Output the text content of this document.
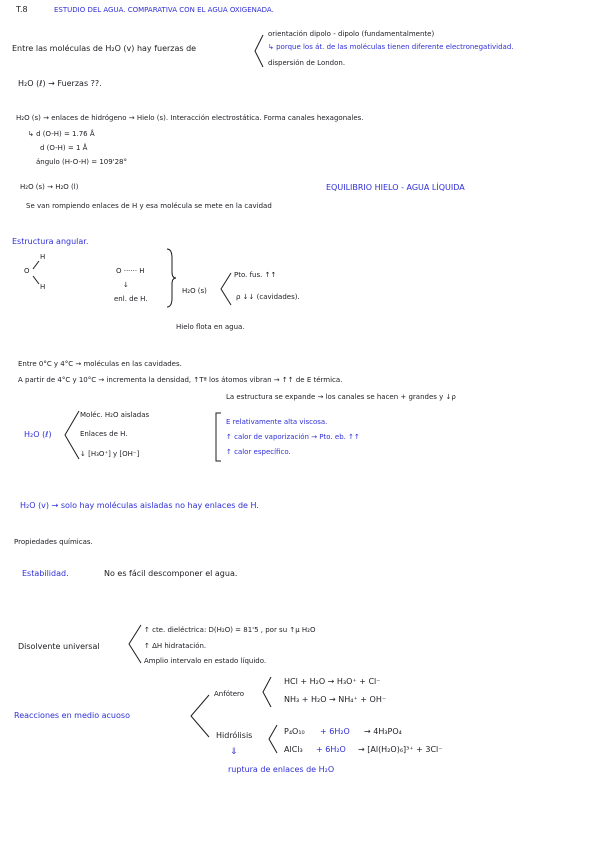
T.8	ESTUDIO DEL AGUA. COMPARATIVA CON EL AGUA OXIGENADA.
Entre las moléculas de H₂O (v) hay fuerzas de
orientación dipolo - dipolo (fundamentalmente)
↳ porque los át. de las moléculas tienen diferente electronegatividad.
dispersión de London.
H₂O (ℓ) → Fuerzas ??.
H₂O (s) → enlaces de hidrógeno → Hielo (s). Interacción electrostática. Forma canales hexagonales.
↳ d (O-H) = 1.76 Å
d (O-H) = 1 Å
ángulo (H-O-H) = 109'28°
H₂O (s) → H₂O (l)	EQUILIBRIO HIELO - AGUA LÍQUIDA
Se van rompiendo enlaces de H y esa molécula se mete en la cavidad
Estructura angular.
H
O
H
O ······ H
↓
enl. de H.
H₂O (s)
Pto. fus. ↑↑
ρ ↓↓ (cavidades).
Hielo flota en agua.
Entre 0°C y 4°C → moléculas en las cavidades.
A partir de 4°C y 10°C → incrementa la densidad, ↑Tª los átomos vibran → ↑↑ de E térmica.
La estructura se expande → los canales se hacen + grandes y ↓ρ
H₂O (ℓ)
Moléc. H₂O aisladas
Enlaces de H.
↓ [H₃O⁺] y [OH⁻]
E relativamente alta viscosa.
↑ calor de vaporización → Pto. eb. ↑↑
↑ calor específico.
H₂O (v) → solo hay moléculas aisladas no hay enlaces de H.
Propiedades químicas.
Estabilidad.	No es fácil descomponer el agua.
Disolvente universal
↑ cte. dieléctrica: D(H₂O) = 81'5 , por su ↑μ H₂O
↑ ΔH hidratación.
Amplio intervalo en estado líquido.
Reacciones en medio acuoso
Anfótero
HCl + H₂O → H₃O⁺ + Cl⁻
NH₃ + H₂O → NH₄⁺ + OH⁻
Hidrólisis	P₄O₁₀ + 6H₂O → 4H₃PO₄
AlCl₃ + 6H₂O → [Al(H₂O)₆]³⁺ + 3Cl⁻
⇓
ruptura de enlaces de H₂O
